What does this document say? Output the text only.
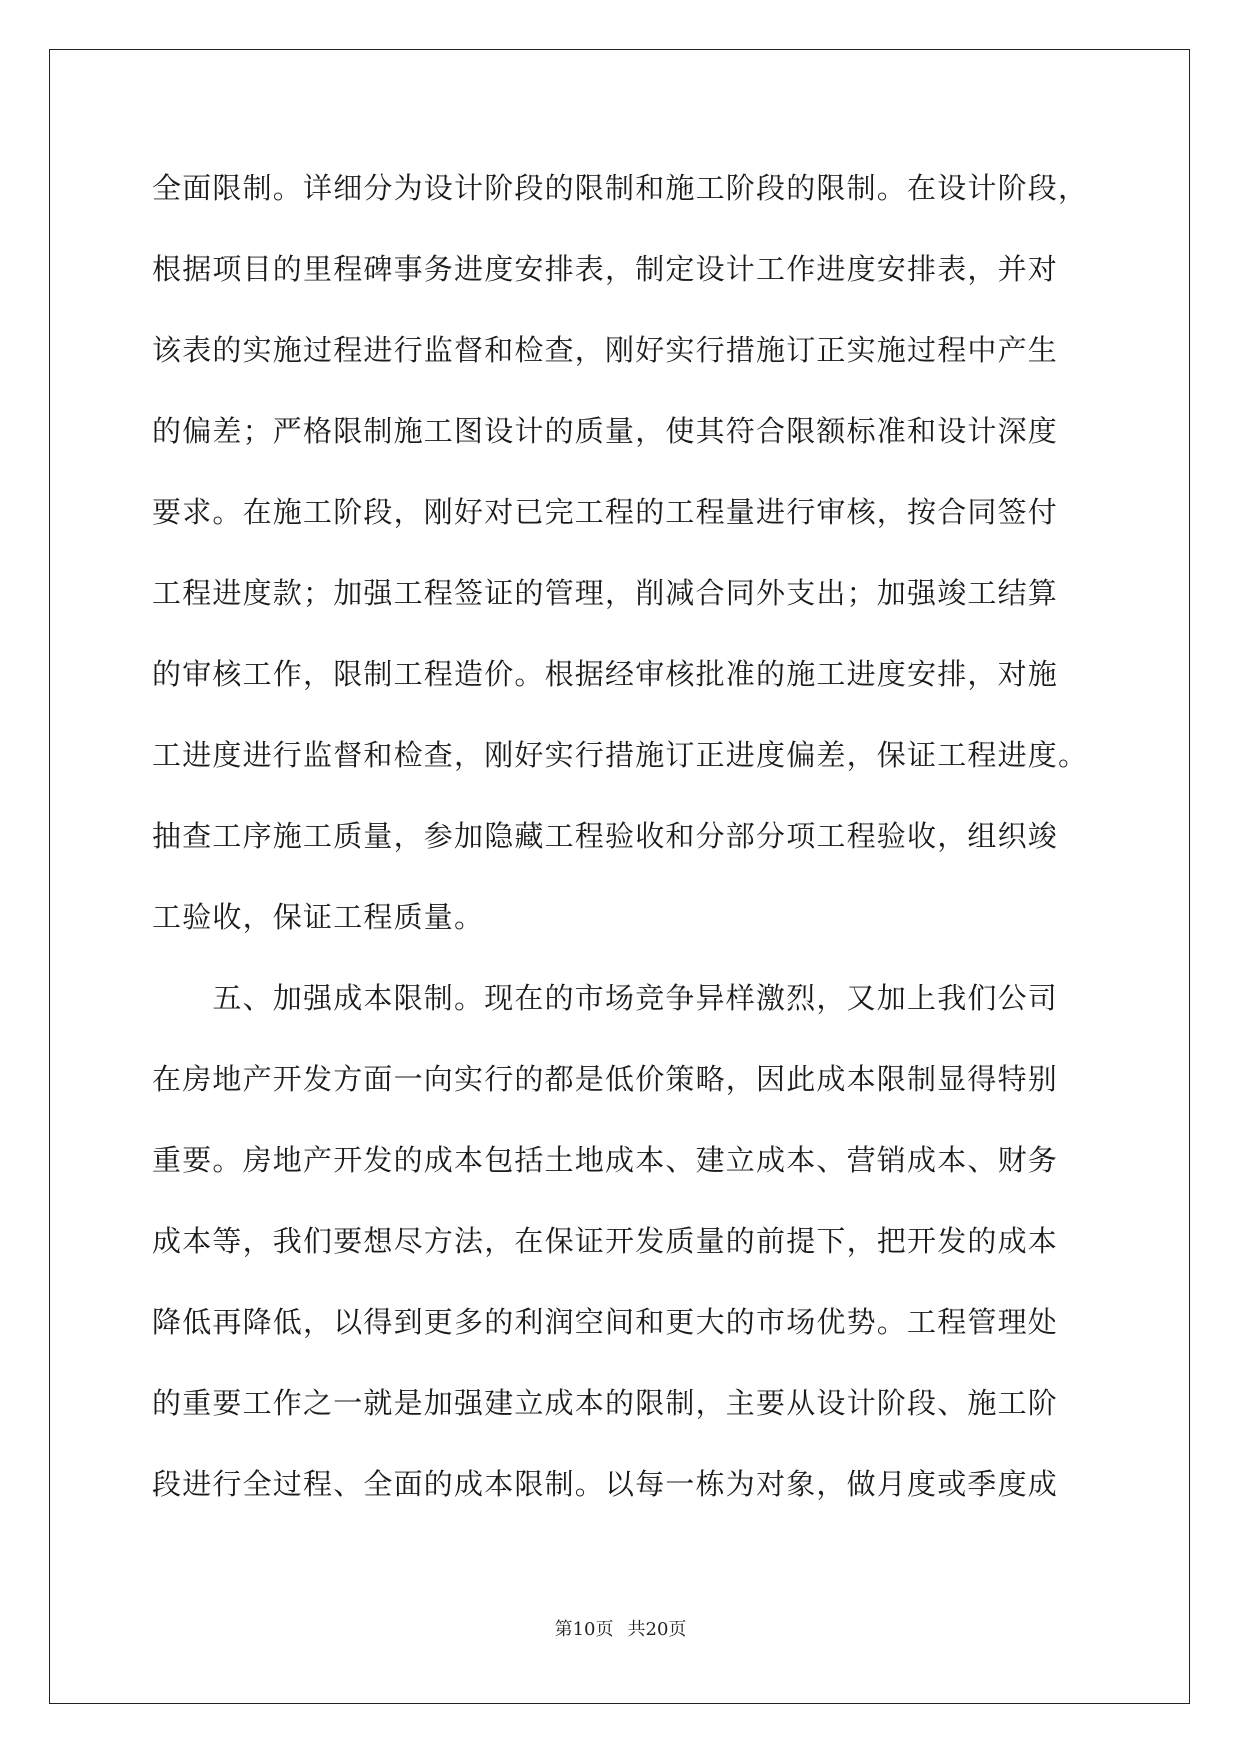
全面限制。详细分为设计阶段的限制和施工阶段的限制。在设计阶段，
根据项目的里程碑事务进度安排表，制定设计工作进度安排表，并对
该表的实施过程进行监督和检查，刚好实行措施订正实施过程中产生
的偏差；严格限制施工图设计的质量，使其符合限额标准和设计深度
要求。在施工阶段，刚好对已完工程的工程量进行审核，按合同签付
工程进度款；加强工程签证的管理，削减合同外支出；加强竣工结算
的审核工作，限制工程造价。根据经审核批准的施工进度安排，对施
工进度进行监督和检查，刚好实行措施订正进度偏差，保证工程进度。
抽查工序施工质量，参加隐藏工程验收和分部分项工程验收，组织竣
工验收，保证工程质量。
　　五、加强成本限制。现在的市场竞争异样激烈，又加上我们公司
在房地产开发方面一向实行的都是低价策略，因此成本限制显得特别
重要。房地产开发的成本包括土地成本、建立成本、营销成本、财务
成本等，我们要想尽方法，在保证开发质量的前提下，把开发的成本
降低再降低，以得到更多的利润空间和更大的市场优势。工程管理处
的重要工作之一就是加强建立成本的限制，主要从设计阶段、施工阶
段进行全过程、全面的成本限制。以每一栋为对象，做月度或季度成
第10页 共20页
